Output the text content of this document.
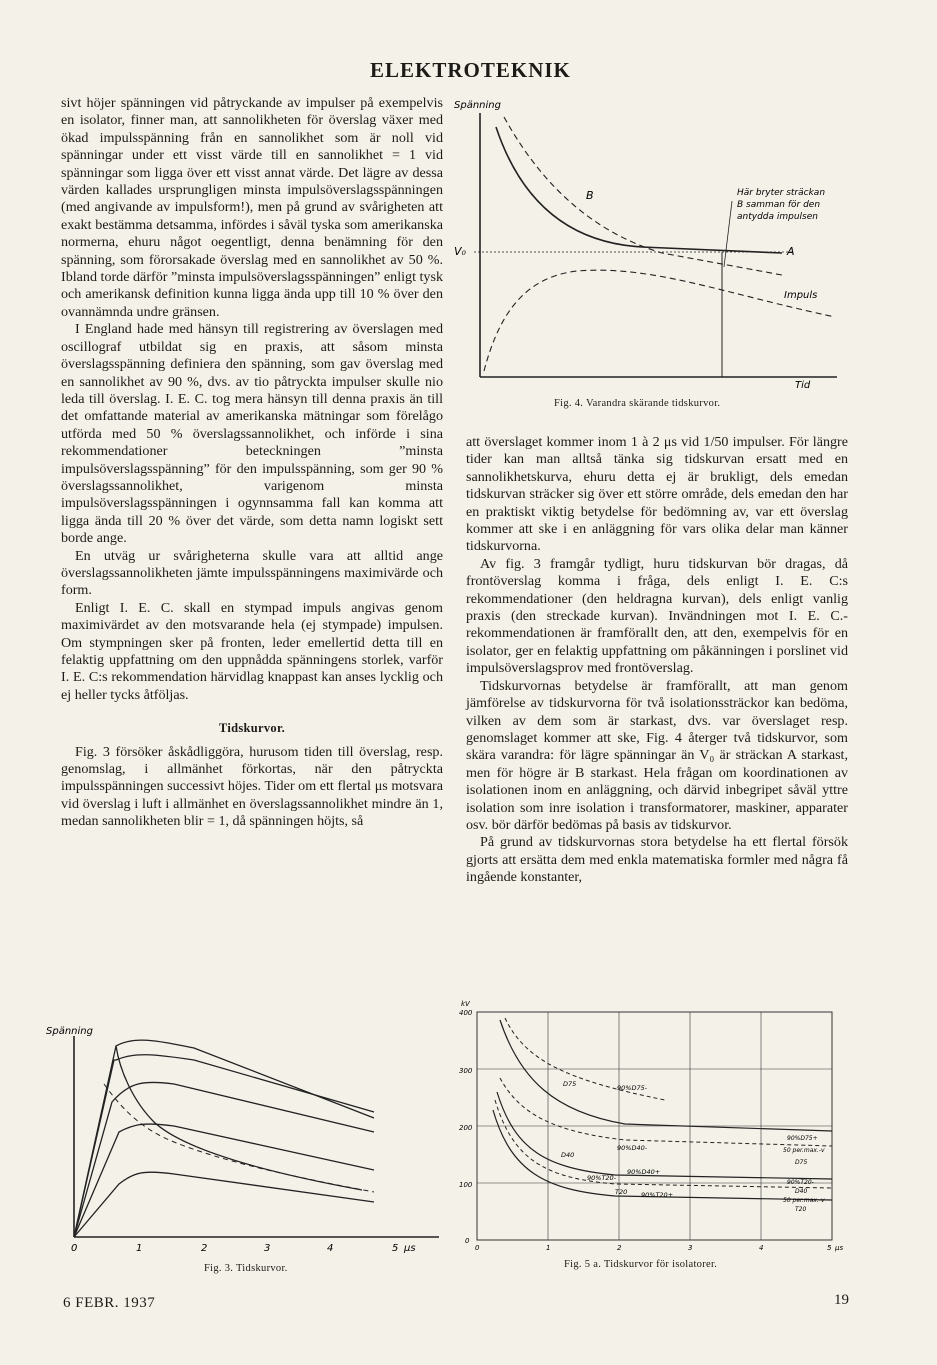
ELEKTROTEKNIK

sivt höjer spänningen vid påtryckande av impulser på exempelvis en isolator, finner man, att sannolikheten för överslag växer med ökad impulsspänning från en sannolikhet som är noll vid spänningar under ett visst värde till en sannolikhet = 1 vid spänningar som ligga över ett visst annat värde. Det lägre av dessa värden kallades ursprungligen minsta impulsöverslagsspänningen (med angivande av impulsform!), men på grund av svårigheten att exakt bestämma detsamma, infördes i såväl tyska som amerikanska normerna, ehuru något oegentligt, denna benämning för den spänning, som förorsakade överslag med en sannolikhet av 50 %. Ibland torde därför ”minsta impulsöverslagsspänningen” enligt tysk och amerikansk definition kunna ligga ända upp till 10 % över den ovannämnda undre gränsen.

I England hade med hänsyn till registrering av överslagen med oscillograf utbildat sig en praxis, att såsom minsta överslagsspänning definiera den spänning, som gav överslag med en sannolikhet av 90 %, dvs. av tio påtryckta impulser skulle nio leda till överslag. I. E. C. tog mera hänsyn till denna praxis än till det omfattande material av amerikanska mätningar som förelågo utförda med 50 % överslagssannolikhet, och införde i sina rekommendationer beteckningen ”minsta impulsöverslagsspänning” för den impulsspänning, som ger 90 % överslagssannolikhet, varigenom minsta impulsöverslagsspänningen i ogynnsamma fall kan komma att ligga ända till 20 % över det värde, som detta namn logiskt sett borde ange.

En utväg ur svårigheterna skulle vara att alltid ange överslagssannolikheten jämte impulsspänningens maximivärde och form.

Enligt I. E. C. skall en stympad impuls angivas genom maximivärdet av den motsvarande hela (ej stympade) impulsen. Om stympningen sker på fronten, leder emellertid detta till en felaktig uppfattning om den uppnådda spänningens storlek, varför I. E. C:s rekommendation härvidlag knappast kan anses lycklig och ej heller tycks åtföljas.

Tidskurvor.

Fig. 3 försöker åskådliggöra, hurusom tiden till överslag, resp. genomslag, i allmänhet förkortas, när den påtryckta impulsspänningen successivt höjes. Tider om ett flertal μs motsvara vid överslag i luft i allmänhet en överslagssannolikhet mindre än 1, medan sannolikheten blir = 1, då spänningen höjts, så

att överslaget kommer inom 1 à 2 μs vid 1/50 impulser. För längre tider kan man alltså tänka sig tidskurvan ersatt med en sannolikhetskurva, ehuru detta ej är brukligt, dels emedan tidskurvan sträcker sig över ett större område, dels emedan den har en praktiskt viktig betydelse för bedömning av, var ett överslag kommer att ske i en anläggning för vars olika delar man känner tidskurvorna.

Av fig. 3 framgår tydligt, huru tidskurvan bör dragas, då frontöverslag komma i fråga, dels enligt I. E. C:s rekommendationer (den heldragna kurvan), dels enligt vanlig praxis (den streckade kurvan). Invändningen mot I. E. C.-rekommendationen är framförallt den, att den, exempelvis för en isolator, ger en felaktig uppfattning om påkänningen i porslinet vid impulsöverslagsprov med frontöverslag.

Tidskurvornas betydelse är framförallt, att man genom jämförelse av tidskurvorna för två isolationssträckor kan bedöma, vilken av dem som är starkast, dvs. var överslaget resp. genomslaget kommer att ske, Fig. 4 återger två tidskurvor, som skära varandra: för lägre spänningar än V₀ är sträckan A starkast, men för högre är B starkast. Hela frågan om koordinationen av isolationen inom en anläggning, och därvid inbegripet såväl yttre isolation som inre isolation i transformatorer, maskiner, apparater osv. bör därför bedömas på basis av tidskurvor.

På grund av tidskurvornas stora betydelse ha ett flertal försök gjorts att ersätta dem med enkla matematiska formler med några få ingående konstanter,

Spänning
Tid
V₀
B
A
Här bryter sträckan
B samman för den
antydda impulsen
Impuls
Fig. 4. Varandra skärande tidskurvor.
Spänning
0	1	2	3	4	5 μs
Fig. 3. Tidskurvor.
kV
400
300
200
100
0
D75	90%D75-
90%D40-
D40
90%T20-
90%D40+
T20 90%T20+
90%D75+
50 per.max.-v
D75
90%T20-
D40
50 per.max.-v
T20
0	1	2	3	4	5 μs
Fig. 5 a. Tidskurvor för isolatorer.
6 FEBR. 1937	19
